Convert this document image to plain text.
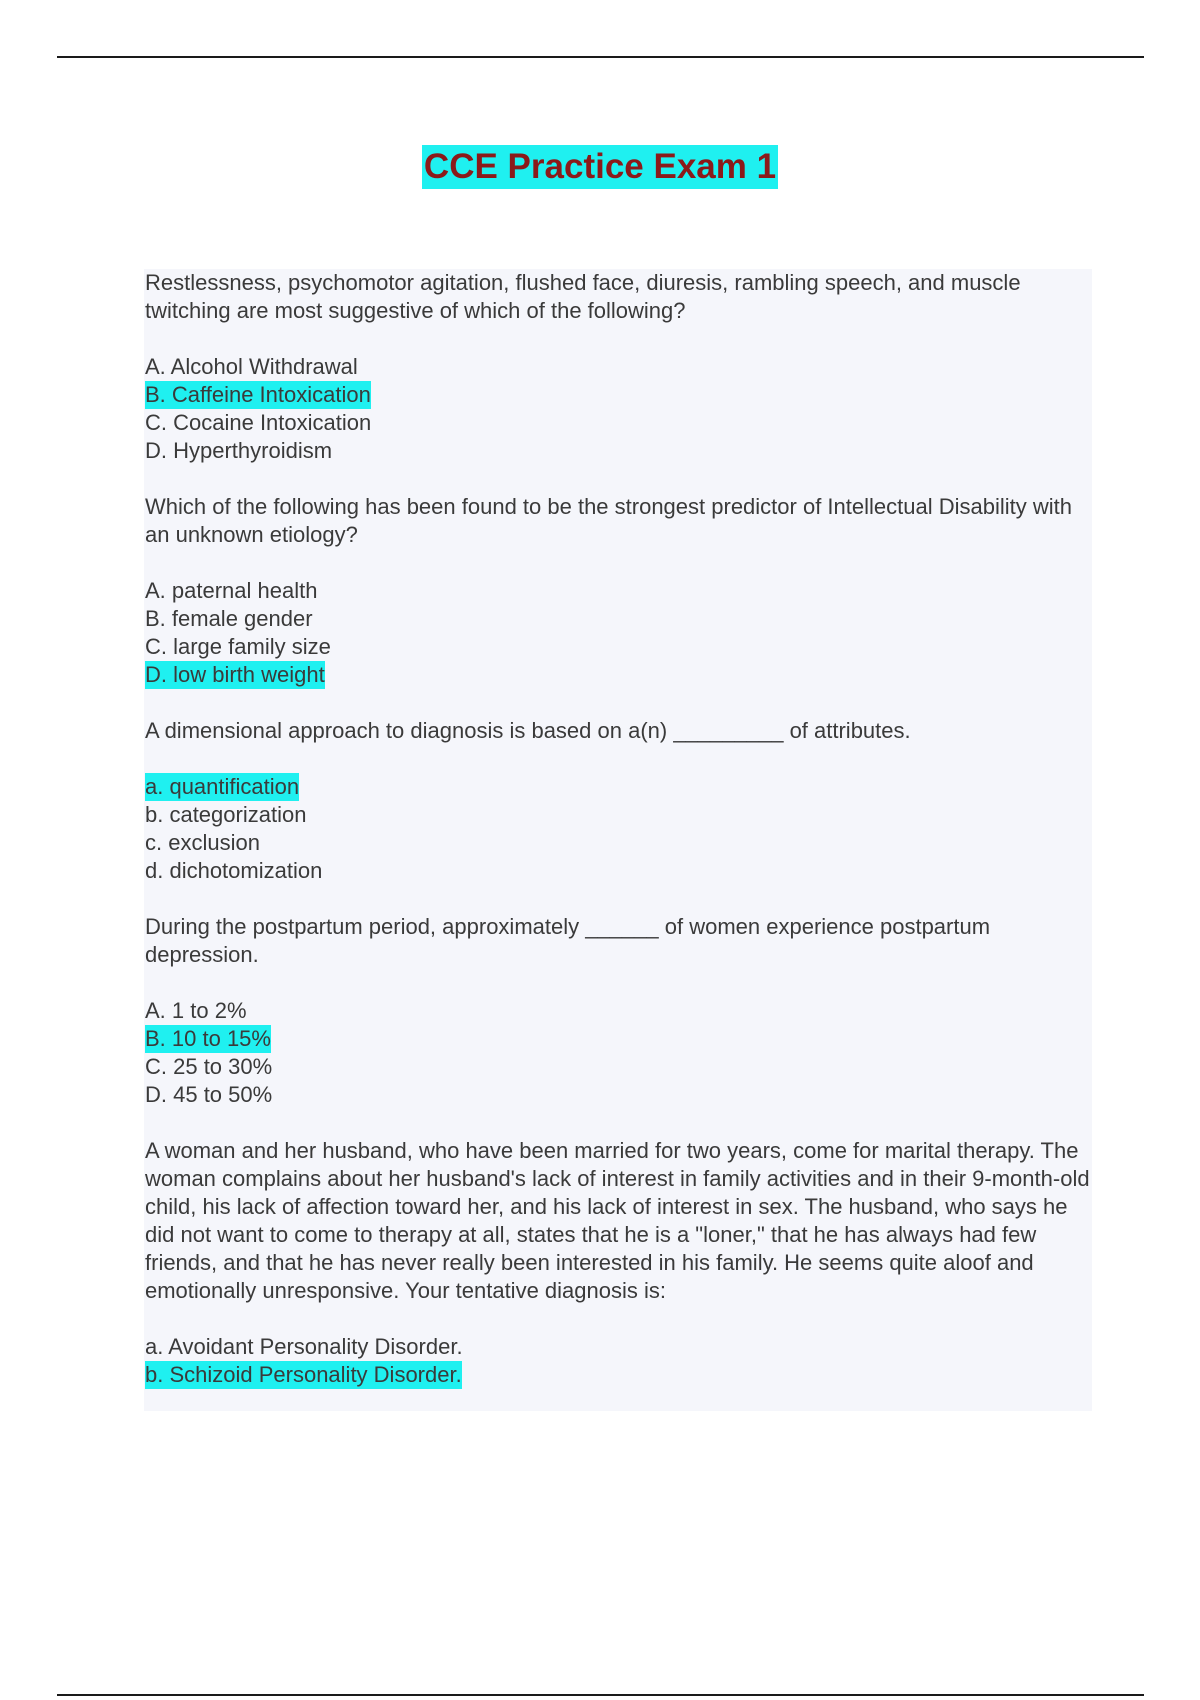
CCE Practice Exam 1

Restlessness, psychomotor agitation, flushed face, diuresis, rambling speech, and muscle twitching are most suggestive of which of the following?

A. Alcohol Withdrawal
B. Caffeine Intoxication
C. Cocaine Intoxication
D. Hyperthyroidism

Which of the following has been found to be the strongest predictor of Intellectual Disability with an unknown etiology?

A. paternal health
B. female gender
C. large family size
D. low birth weight

A dimensional approach to diagnosis is based on a(n) _________ of attributes.

a. quantification
b. categorization
c. exclusion
d. dichotomization

During the postpartum period, approximately ______ of women experience postpartum depression.

A. 1 to 2%
B. 10 to 15%
C. 25 to 30%
D. 45 to 50%

A woman and her husband, who have been married for two years, come for marital therapy. The woman complains about her husband's lack of interest in family activities and in their 9-month-old child, his lack of affection toward her, and his lack of interest in sex. The husband, who says he did not want to come to therapy at all, states that he is a "loner," that he has always had few friends, and that he has never really been interested in his family. He seems quite aloof and emotionally unresponsive. Your tentative diagnosis is:

a. Avoidant Personality Disorder.
b. Schizoid Personality Disorder.
